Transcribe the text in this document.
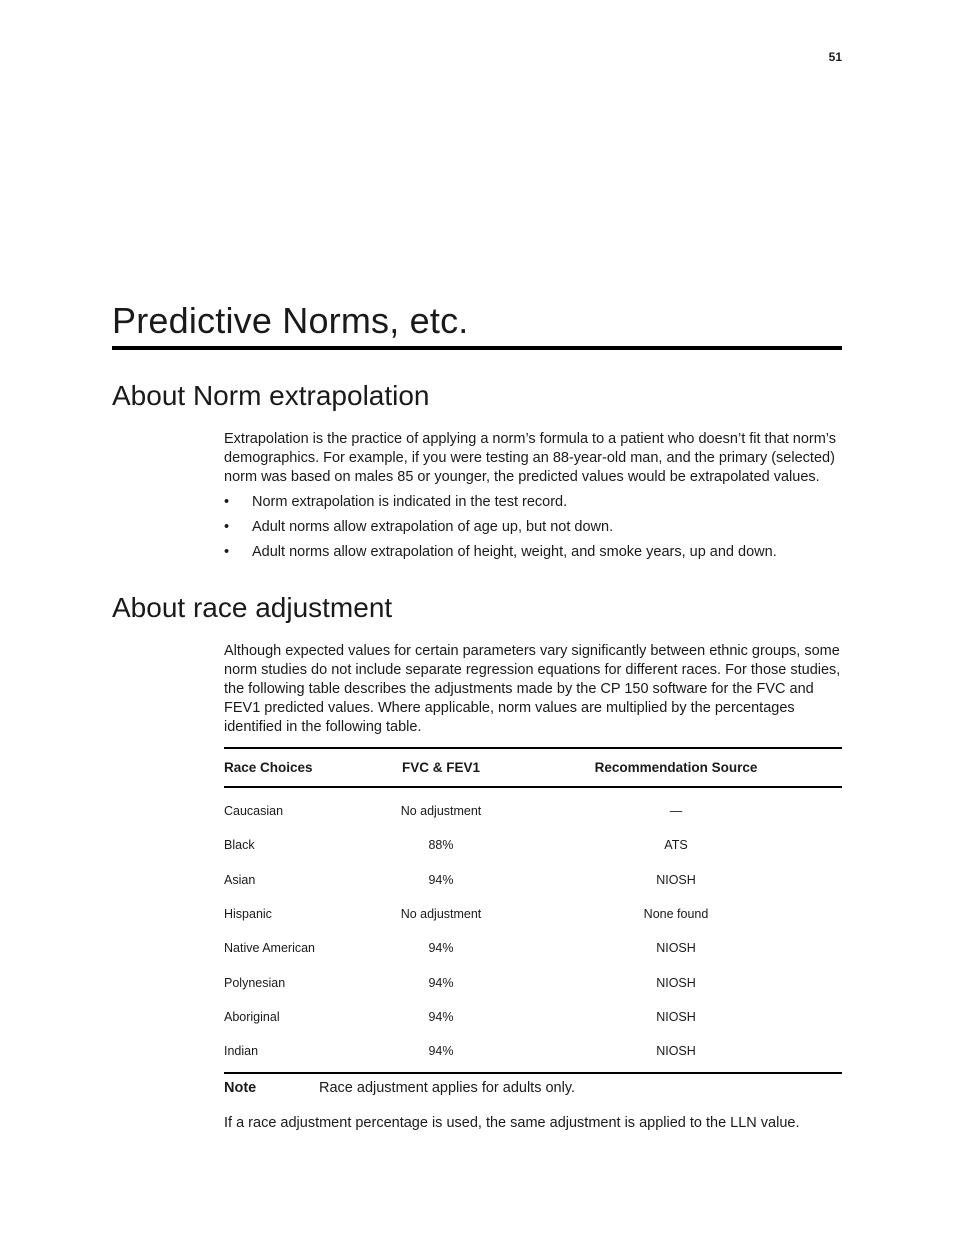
51
Predictive Norms, etc.
About Norm extrapolation

Extrapolation is the practice of applying a norm’s formula to a patient who doesn’t fit that norm’s demographics. For example, if you were testing an 88-year-old man, and the primary (selected) norm was based on males 85 or younger, the predicted values would be extrapolated values.

• Norm extrapolation is indicated in the test record.
• Adult norms allow extrapolation of age up, but not down.
• Adult norms allow extrapolation of height, weight, and smoke years, up and down.
About race adjustment

Although expected values for certain parameters vary significantly between ethnic groups, some norm studies do not include separate regression equations for different races. For those studies, the following table describes the adjustments made by the CP 150 software for the FVC and FEV1 predicted values. Where applicable, norm values are multiplied by the percentages identified in the following table.

Race Choices	FVC & FEV1	Recommendation Source
Caucasian	No adjustment	—
Black	88%	ATS
Asian	94%	NIOSH
Hispanic	No adjustment	None found
Native American	94%	NIOSH
Polynesian	94%	NIOSH
Aboriginal	94%	NIOSH
Indian	94%	NIOSH
Note	Race adjustment applies for adults only.

If a race adjustment percentage is used, the same adjustment is applied to the LLN value.
